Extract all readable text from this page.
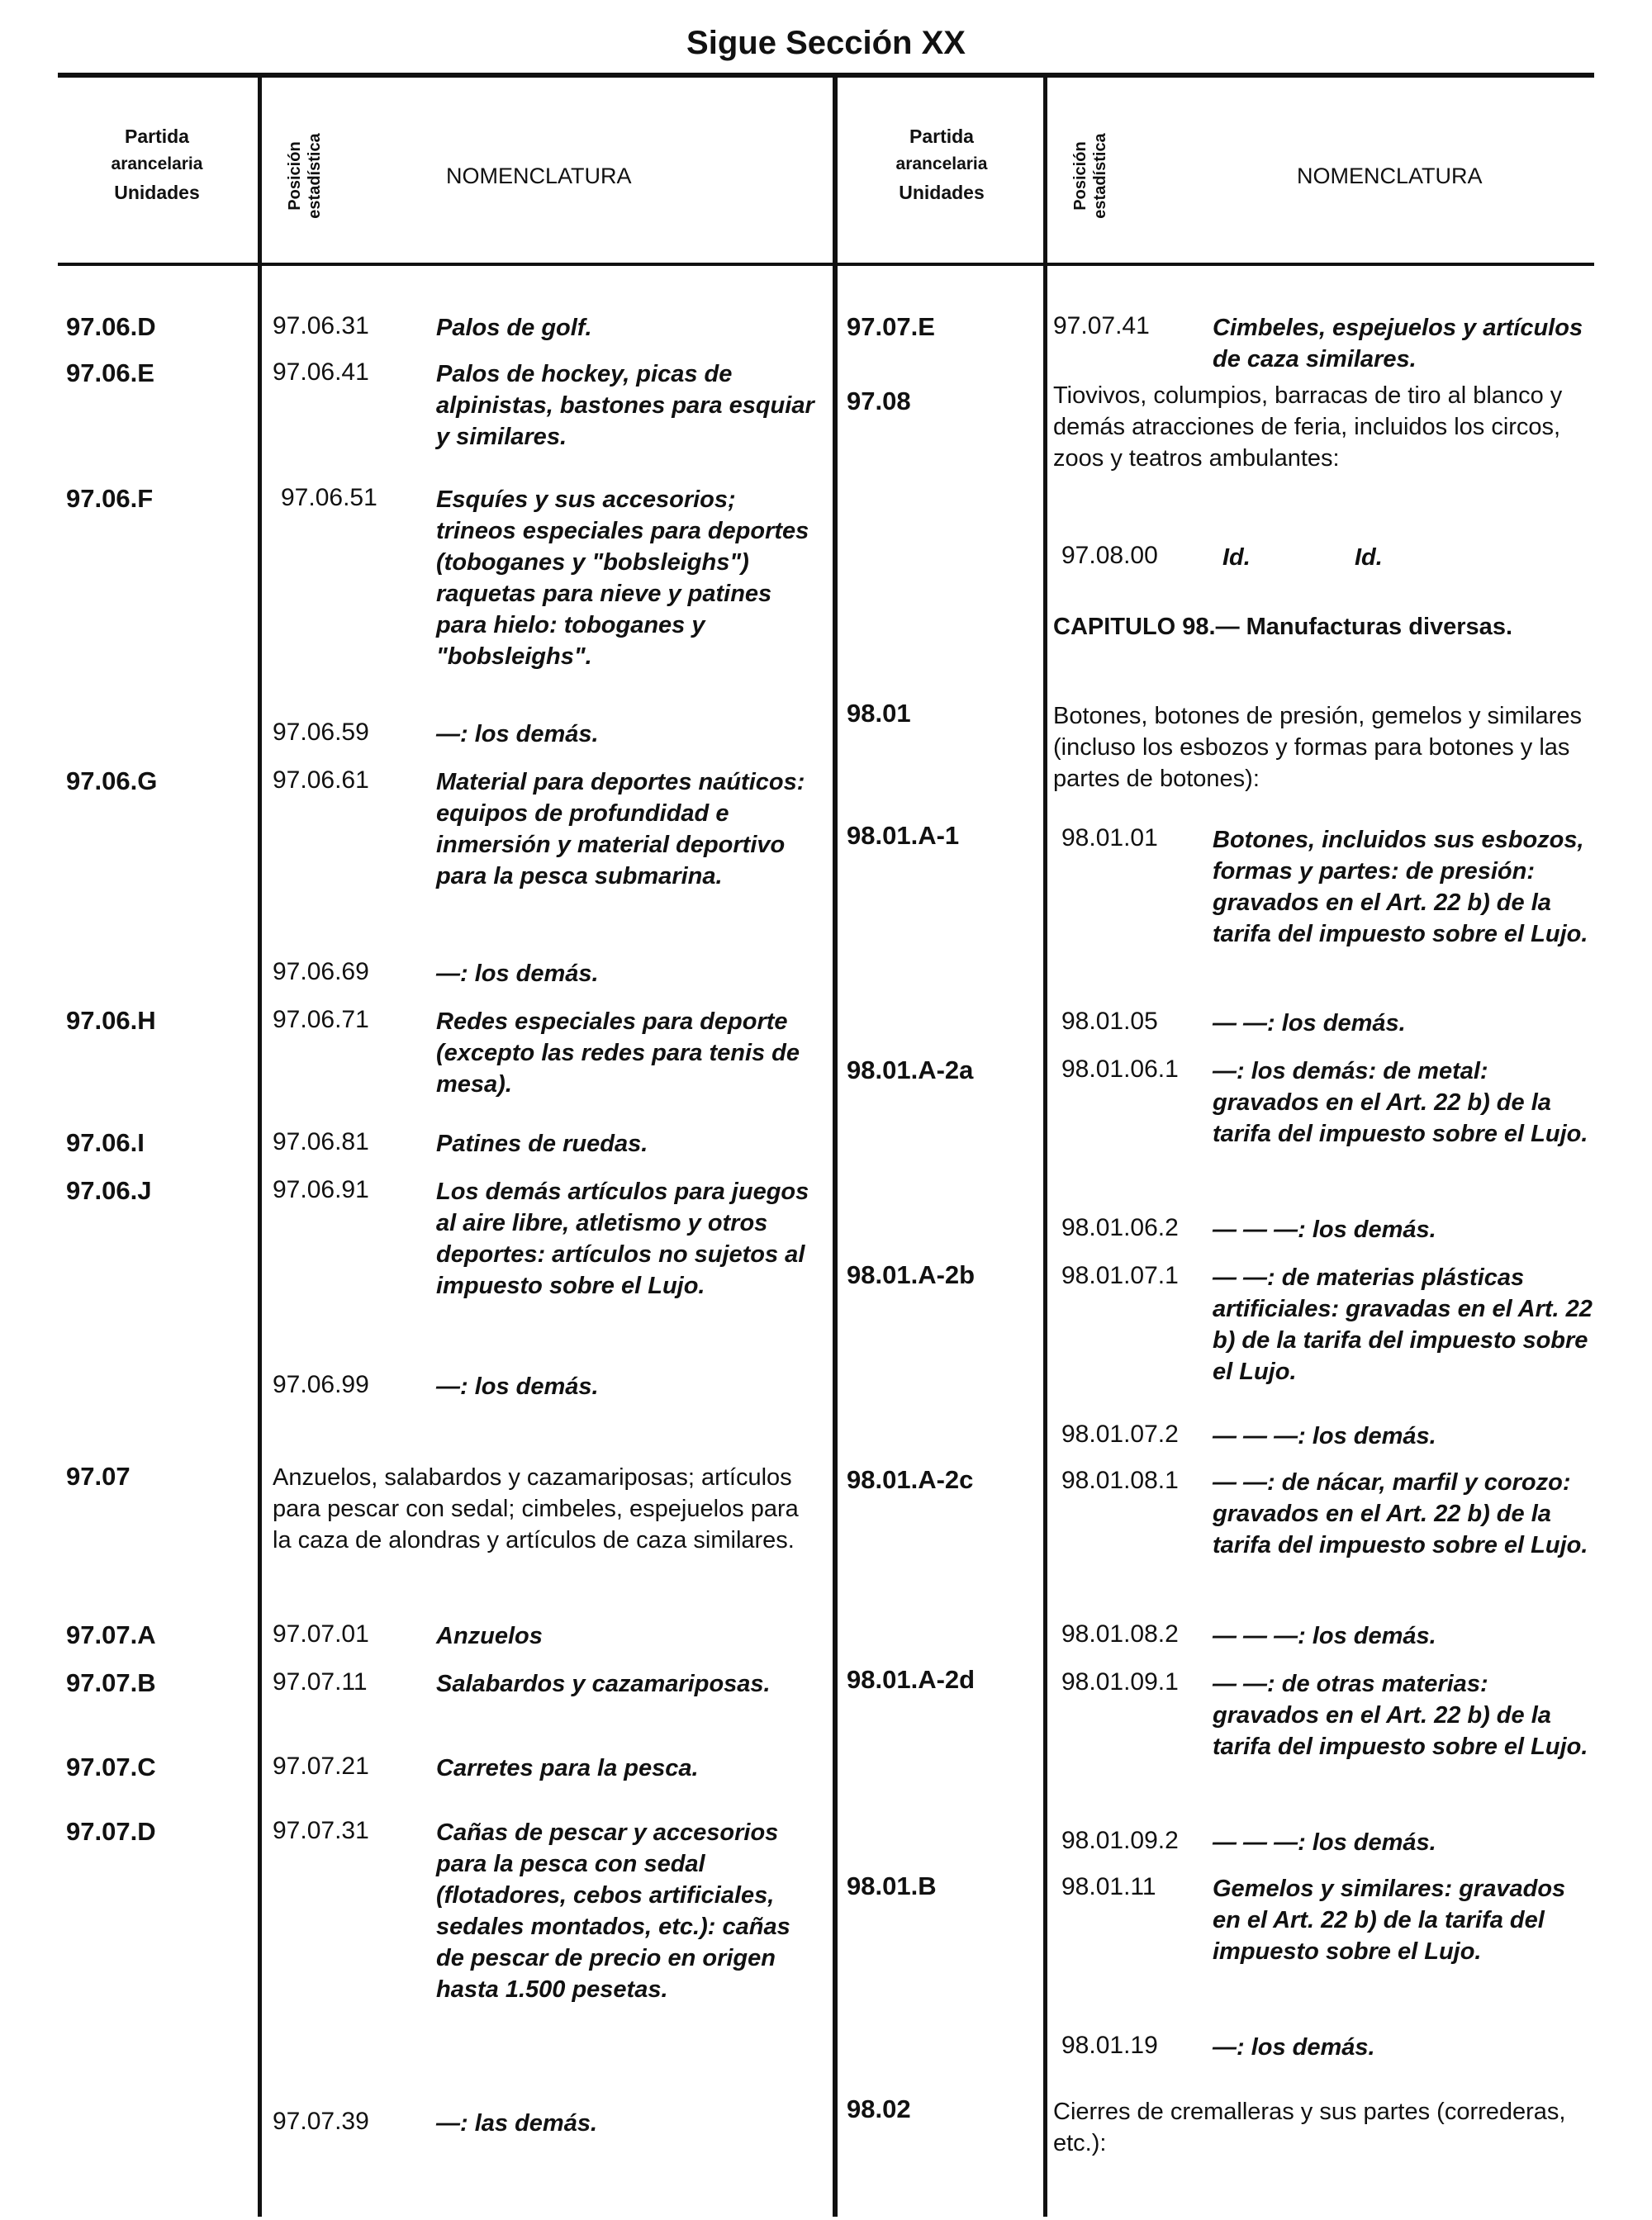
Sigue Sección XX
Partida
arancelaria
Unidades	Posición estadística	NOMENCLATURA
Partida
arancelaria
Unidades	Posición estadística	NOMENCLATURA
97.06.D	97.06.31	Palos de golf.
97.06.E	97.06.41	Palos de hockey, picas de alpinistas, bastones para esquiar y similares.
97.06.F	97.06.51 Esquíes y sus accesorios; trineos especiales para deportes (toboganes y "bobsleighs") raquetas para nieve y patines para hielo: toboganes y "bobsleighs".
97.06.59	—: los demás.
97.06.G	97.06.61	Material para deportes naúticos: equipos de profundidad e inmersión y material deportivo para la pesca submarina.
97.06.69	—: los demás.
97.06.H	97.06.71	Redes especiales para deporte (excepto las redes para tenis de mesa).
97.06.I	97.06.81	Patines de ruedas.
97.06.J	97.06.91	Los demás artículos para juegos al aire libre, atletismo y otros deportes: artículos no sujetos al impuesto sobre el Lujo.
97.06.99	—: los demás.
97.07	Anzuelos, salabardos y cazamariposas; artículos para pescar con sedal; cimbeles, espejuelos para la caza de alondras y artículos de caza similares.
97.07.A	97.07.01	Anzuelos
97.07.B	97.07.11	Salabardos y cazamariposas.
97.07.C	97.07.21	Carretes para la pesca.
97.07.D	97.07.31	Cañas de pescar y accesorios para la pesca con sedal (flotadores, cebos artificiales, sedales montados, etc.): cañas de pescar de precio en origen hasta 1.500 pesetas.
97.07.39	—: las demás.
97.07.E	97.07.41	Cimbeles, espejuelos y artículos de caza similares.
97.08	Tiovivos, columpios, barracas de tiro al blanco y demás atracciones de feria, incluidos los circos, zoos y teatros ambulantes:
97.08.00	Id.	Id.
CAPITULO 98.— Manufacturas diversas.
98.01	Botones, botones de presión, gemelos y similares (incluso los esbozos y formas para botones y las partes de botones):
98.01.A-1	98.01.01 Botones, incluidos sus esbozos, formas y partes: de presión: gravados en el Art. 22 b) de la tarifa del impuesto sobre el Lujo.
98.01.05 — —: los demás.
98.01.A-2a	98.01.06.1 —: los demás: de metal: gravados en el Art. 22 b) de la tarifa del impuesto sobre el Lujo.
98.01.06.2 — — —: los demás.
98.01.A-2b	98.01.07.1 — —: de materias plásticas artificiales: gravadas en el Art. 22 b) de la tarifa del impuesto sobre el Lujo.
98.01.07.2 — — —: los demás.
98.01.A-2c	98.01.08.1 — —: de nácar, marfil y corozo: gravados en el Art. 22 b) de la tarifa del impuesto sobre el Lujo.
98.01.08.2 — — —: los demás.
98.01.A-2d	98.01.09.1 — —: de otras materias: gravados en el Art. 22 b) de la tarifa del impuesto sobre el Lujo.
98.01.09.2 — — —: los demás.
98.01.B	98.01.11 Gemelos y similares: gravados en el Art. 22 b) de la tarifa del impuesto sobre el Lujo.
98.01.19 —: los demás.
98.02	Cierres de cremalleras y sus partes (correderas, etc.):
